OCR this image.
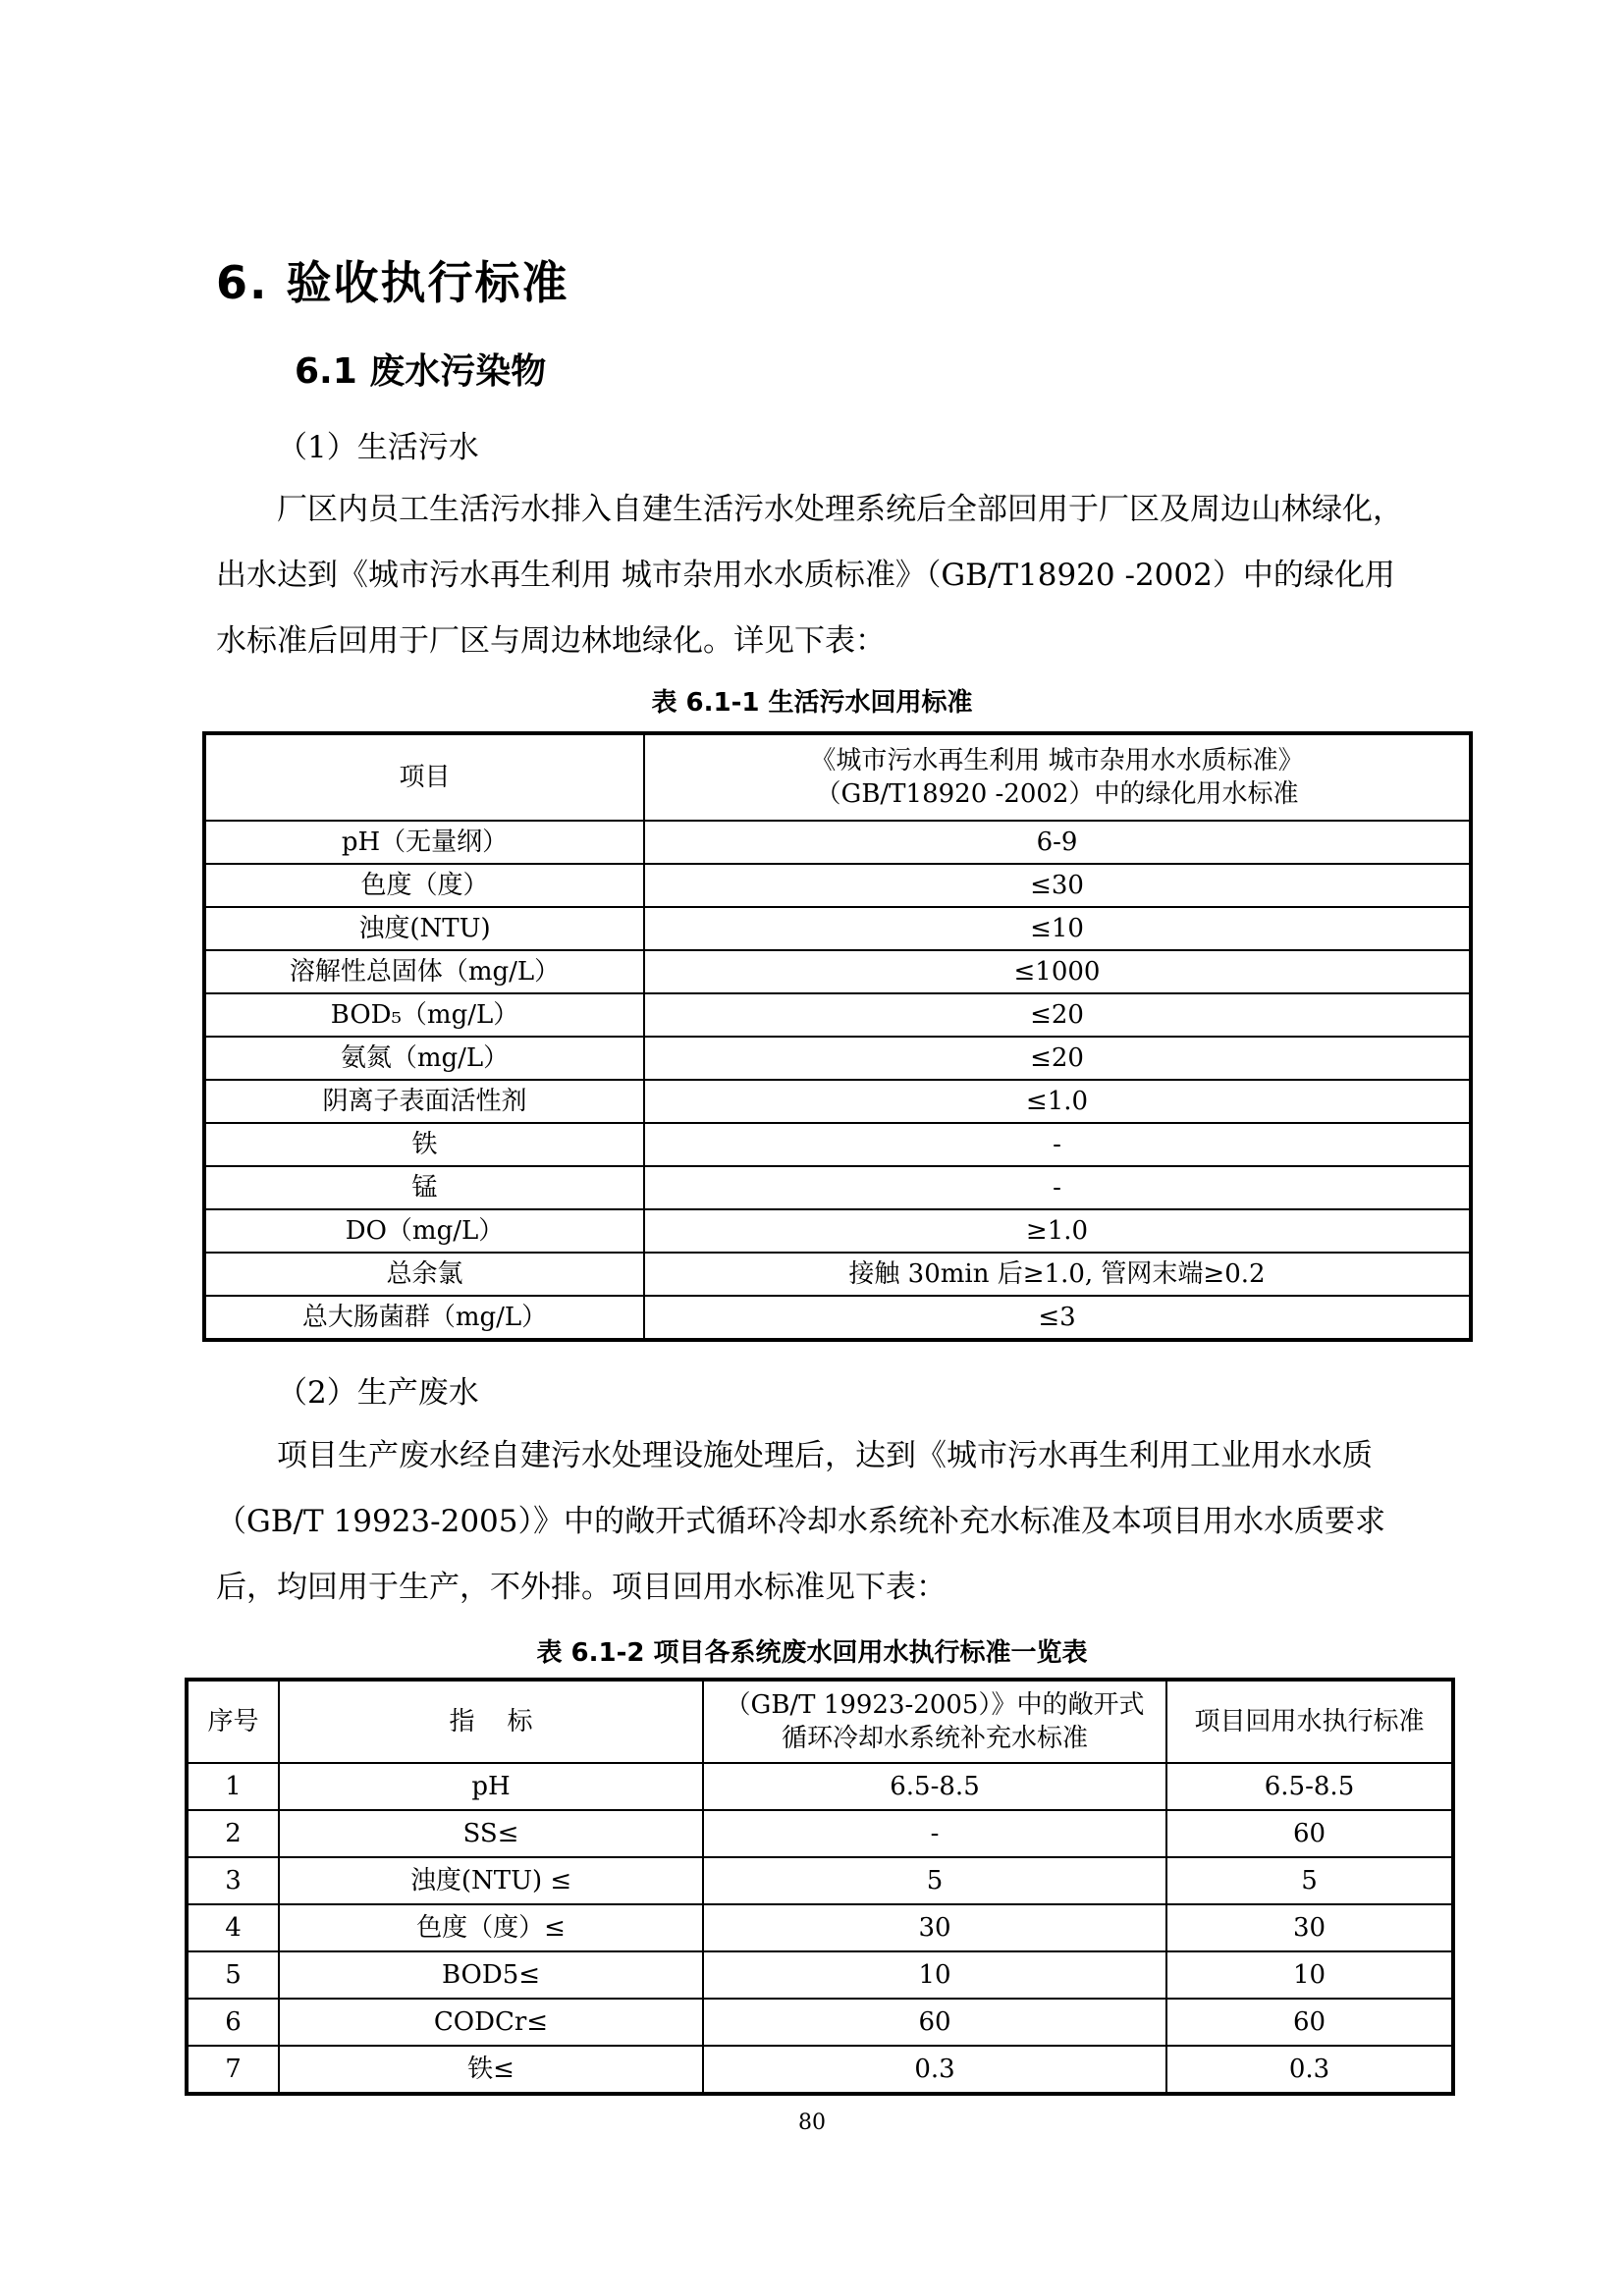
6. 验收执行标准
6.1 废水污染物
（1）生活污水
厂区内员工生活污水排入自建生活污水处理系统后全部回用于厂区及周边山林绿化，出水达到《城市污水再生利用 城市杂用水水质标准》（GB/T18920 -2002）中的绿化用水标准后回用于厂区与周边林地绿化。详见下表：
表 6.1-1 生活污水回用标准
项目	《城市污水再生利用 城市杂用水水质标准》
（GB/T18920 -2002）中的绿化用水标准
pH（无量纲）	6-9
色度（度）	≤30
浊度(NTU)	≤10
溶解性总固体（mg/L）	≤1000
BOD₅（mg/L）	≤20
氨氮（mg/L）	≤20
阴离子表面活性剂	≤1.0
铁	-
锰	-
DO（mg/L）	≥1.0
总余氯	接触 30min 后≥1.0, 管网末端≥0.2
总大肠菌群（mg/L）	≤3
（2）生产废水
项目生产废水经自建污水处理设施处理后，达到《城市污水再生利用工业用水水质（GB/T 19923-2005）》中的敞开式循环冷却水系统补充水标准及本项目用水水质要求后，均回用于生产，不外排。项目回用水标准见下表：
表 6.1-2 项目各系统废水回用水执行标准一览表
序号	指    标	（GB/T 19923-2005）》中的敞开式
循环冷却水系统补充水标准	项目回用水执行标准
1	pH	6.5-8.5	6.5-8.5
2	SS≤	-	60
3	浊度(NTU) ≤	5	5
4	色度（度）≤	30	30
5	BOD5≤	10	10
6	CODCr≤	60	60
7	铁≤	0.3	0.3
80
